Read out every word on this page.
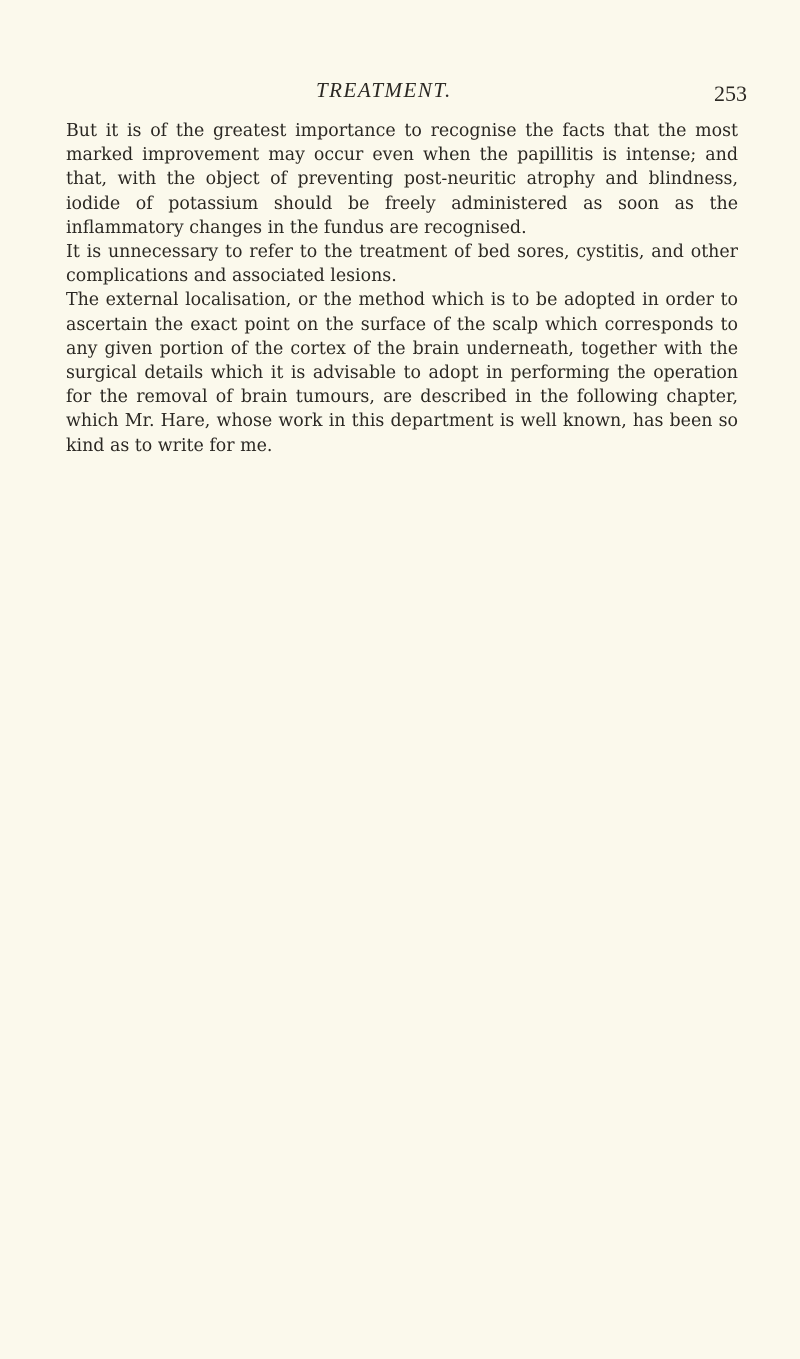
TREATMENT.	253

But it is of the greatest importance to recognise the facts that the most marked improvement may occur even when the papillitis is intense; and that, with the object of preventing post-neuritic atrophy and blindness, iodide of potassium should be freely administered as soon as the inflammatory changes in the fundus are recognised.

It is unnecessary to refer to the treatment of bed sores, cystitis, and other complications and associated lesions.

The external localisation, or the method which is to be adopted in order to ascertain the exact point on the surface of the scalp which corresponds to any given portion of the cortex of the brain underneath, together with the surgical details which it is advisable to adopt in performing the operation for the removal of brain tumours, are described in the following chapter, which Mr. Hare, whose work in this department is well known, has been so kind as to write for me.
